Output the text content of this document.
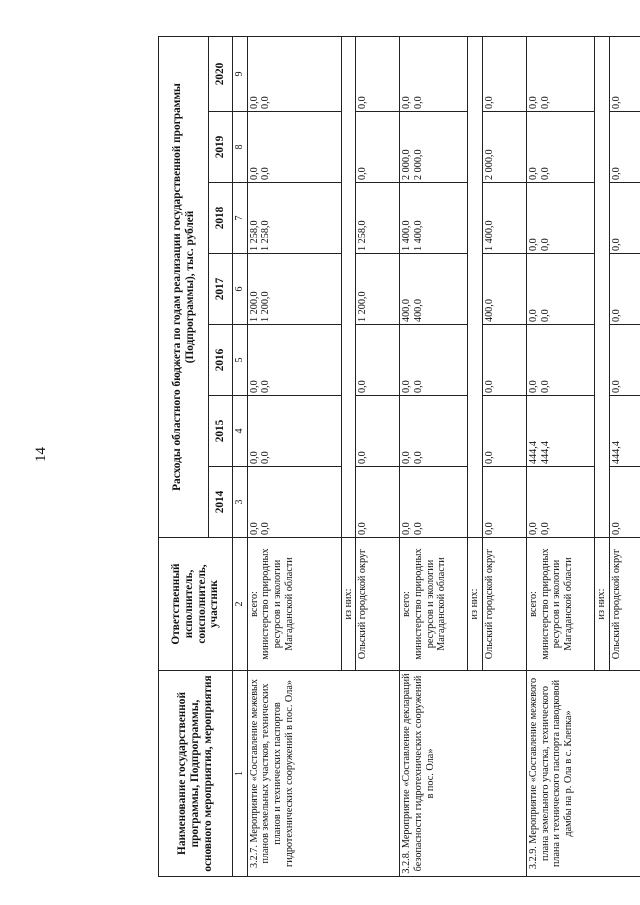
14
Наименование государственной программы, Подпрограммы, основного мероприятия, мероприятия	Ответственный исполнитель, соисполнитель, участник	Расходы областного бюджета по годам реализации государственной программы (Подпрограммы), тыс. рублей						
		2014	2015	2016	2017	2018	2019	2020
1	2	3	4	5	6	7	8	9
3.2.7. Мероприятие «Составление межевых планов земельных участков, технических планов и технических паспортов гидротехнических сооружений в пос. Ола»	всего: министерство природных ресурсов и экологии Магаданской области	0,0 0,0	0,0 0,0	0,0 0,0	1 200,0 1 200,0	1 258,0 1 258,0	0,0 0,0	0,0 0,0

	из них:							
	Ольский городской округ	0,0	0,0	0,0	1 200,0	1 258,0	0,0	0,0
3.2.8. Мероприятие «Составление деклараций безопасности гидротехнических сооружений в пос. Ола»	всего: министерство природных ресурсов и экологии Магаданской области	0,0 0,0	0,0 0,0	0,0 0,0	400,0 400,0	1 400,0 1 400,0	2 000,0 2 000,0	0,0 0,0

	из них:							
	Ольский городской округ	0,0	0,0	0,0	400,0	1 400,0	2 000,0	0,0
3.2.9. Мероприятие «Составление межевого плана земельного участка, технического плана и технического паспорта паводковой дамбы на р. Ола в с. Клепка»	всего: министерство природных ресурсов и экологии Магаданской области	0,0 0,0	444,4 444,4	0,0 0,0	0,0 0,0	0,0 0,0	0,0 0,0	0,0 0,0

	из них:							
	Ольский городской округ	0,0	444,4	0,0	0,0	0,0	0,0	0,0
